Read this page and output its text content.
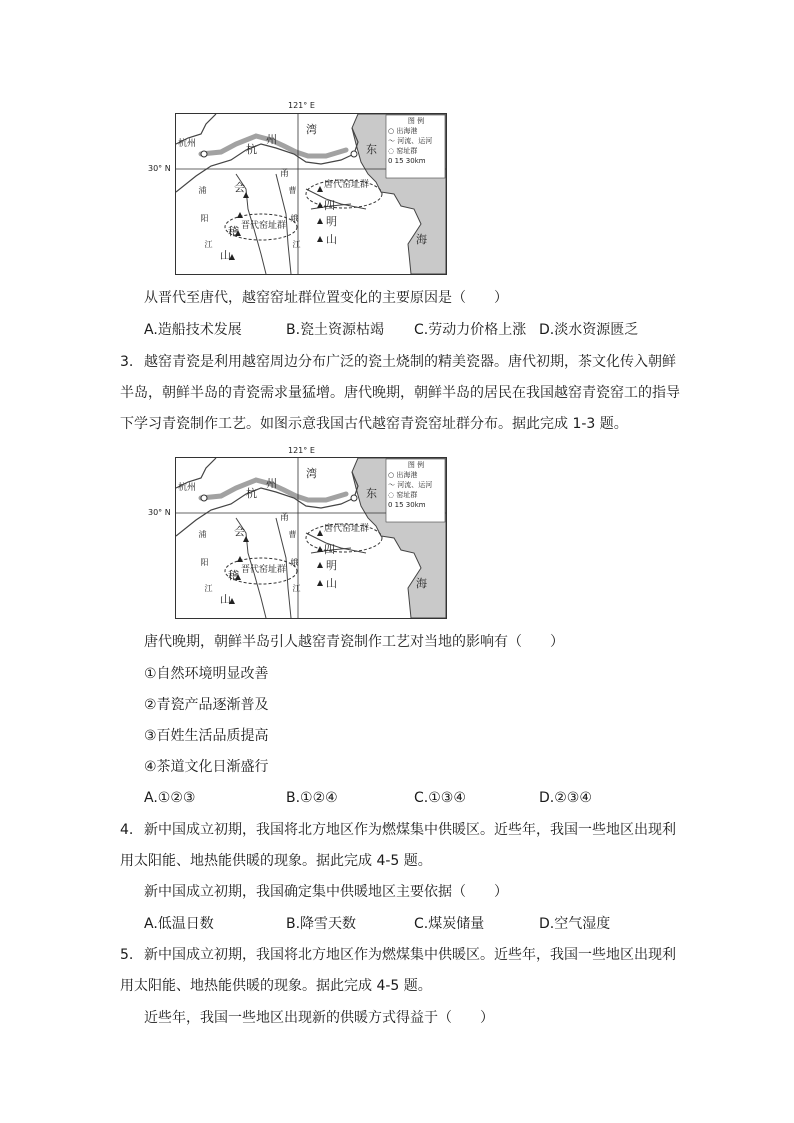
121° E
30° N
杭州	杭
州
湾
东
海
会
稽
山
四
明
山
唐代窑址群
晋代窑址群
浦
阳
江
曹
娥
江
甬
图 例
○ 出海港
〜 河流、运河
◌ 窑址群
0 15 30km
从晋代至唐代，越窑窑址群位置变化的主要原因是（　　）
A.造船技术发展	B.瓷土资源枯竭 C.劳动力价格上涨 D.淡水资源匮乏
3. 越窑青瓷是利用越窑周边分布广泛的瓷土烧制的精美瓷器。唐代初期，茶文化传入朝鲜
半岛，朝鲜半岛的青瓷需求量猛增。唐代晚期，朝鲜半岛的居民在我国越窑青瓷窑工的指导
下学习青瓷制作工艺。如图示意我国古代越窑青瓷窑址群分布。据此完成 1-3 题。
121° E
30° N
杭州	杭
州
湾
东
海
会
稽
山
四
明
山
唐代窑址群
晋代窑址群
浦
阳
江
曹
娥
江
甬
图 例
○ 出海港
〜 河流、运河
◌ 窑址群
0 15 30km
唐代晚期，朝鲜半岛引人越窑青瓷制作工艺对当地的影响有（　　）
①自然环境明显改善
②青瓷产品逐渐普及
③百姓生活品质提高
④茶道文化日渐盛行
A.①②③	B.①②④	C.①③④	D.②③④
4. 新中国成立初期，我国将北方地区作为燃煤集中供暖区。近些年，我国一些地区出现利
用太阳能、地热能供暖的现象。据此完成 4-5 题。
新中国成立初期，我国确定集中供暖地区主要依据（　　）
A.低温日数	B.降雪天数	C.煤炭储量	D.空气湿度
5. 新中国成立初期，我国将北方地区作为燃煤集中供暖区。近些年，我国一些地区出现利
用太阳能、地热能供暖的现象。据此完成 4-5 题。
近些年，我国一些地区出现新的供暖方式得益于（　　）
